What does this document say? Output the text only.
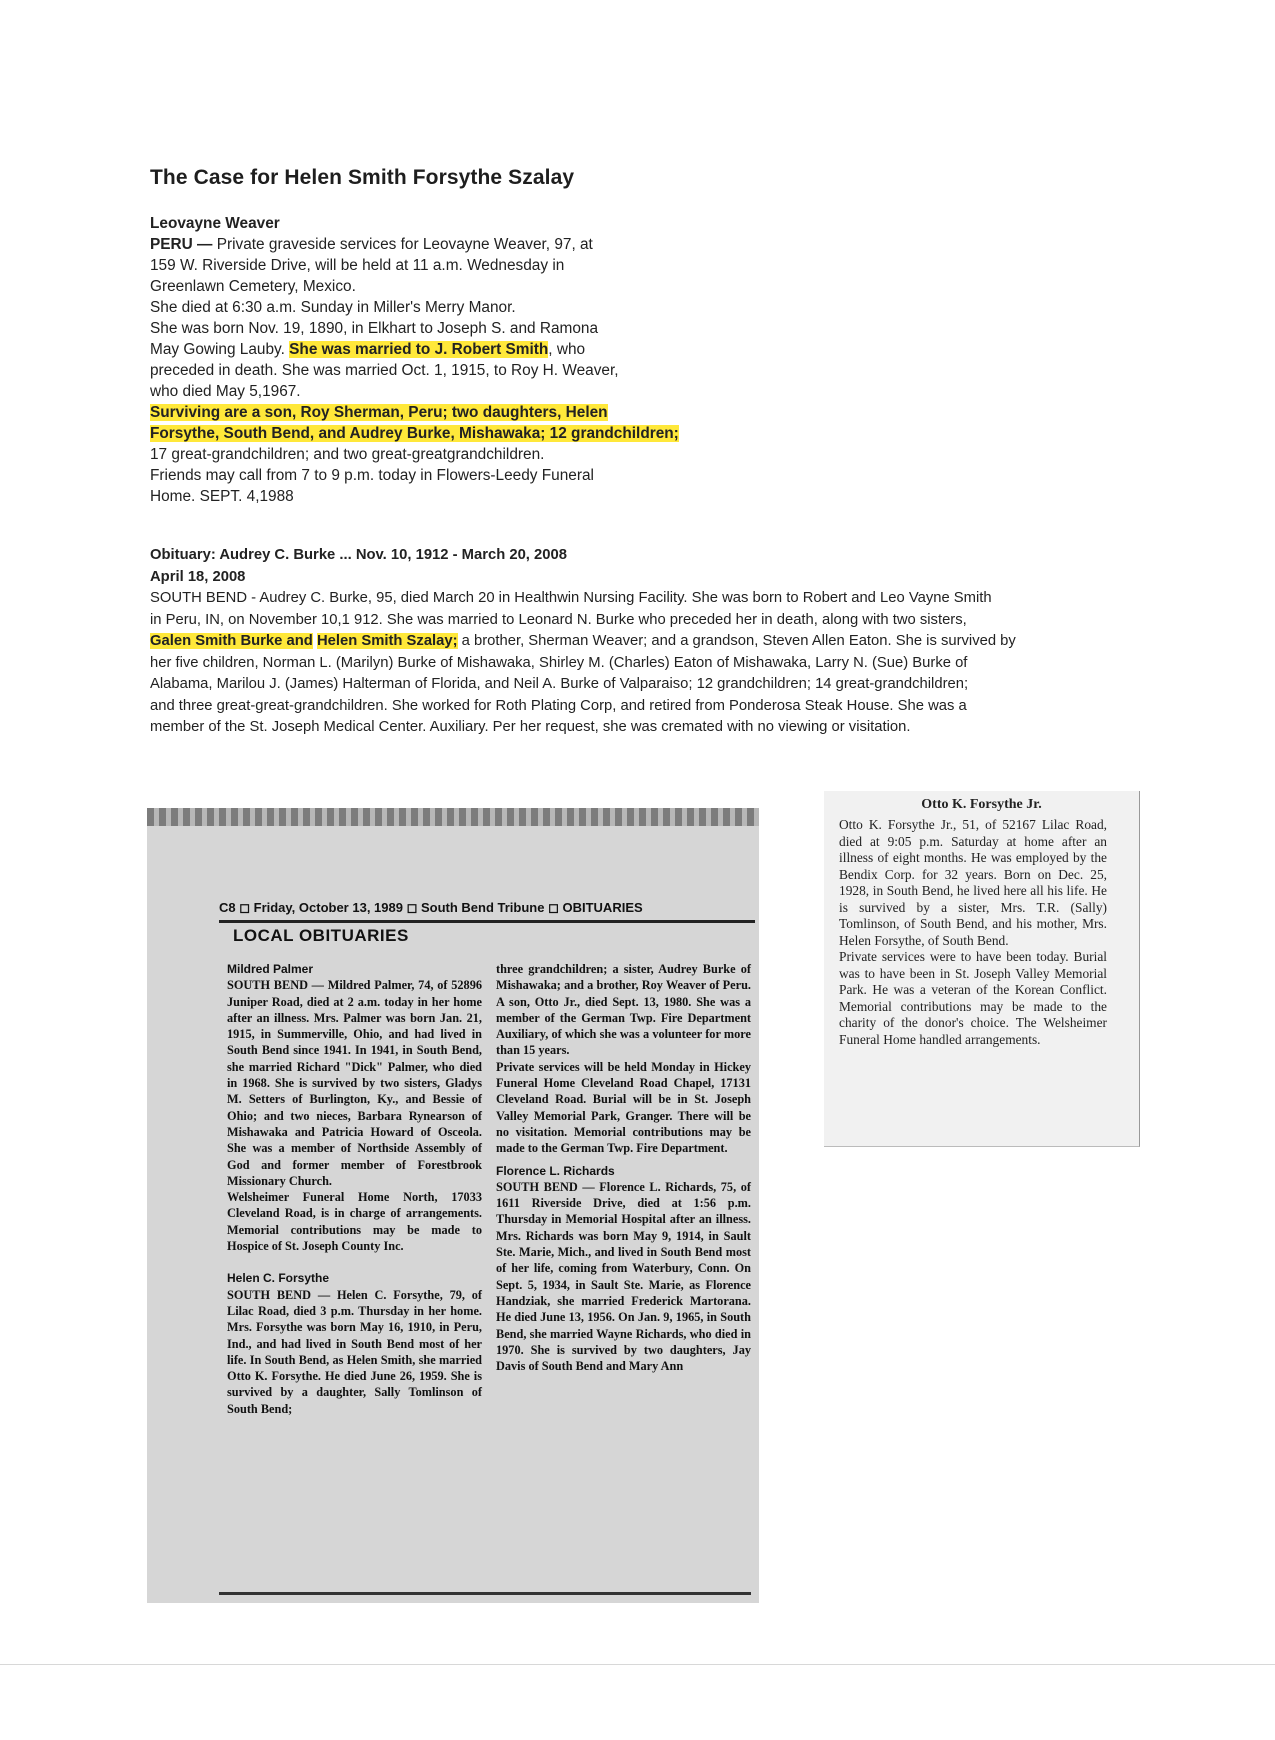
The Case for Helen Smith Forsythe Szalay

Leovayne Weaver

PERU — Private graveside services for Leovayne Weaver, 97, at

159 W. Riverside Drive, will be held at 11 a.m. Wednesday in

Greenlawn Cemetery, Mexico.

She died at 6:30 a.m. Sunday in Miller's Merry Manor.

She was born Nov. 19, 1890, in Elkhart to Joseph S. and Ramona

May Gowing Lauby. She was married to J. Robert Smith, who

preceded in death. She was married Oct. 1, 1915, to Roy H. Weaver,

who died May 5,1967.

Surviving are a son, Roy Sherman, Peru; two daughters, Helen

Forsythe, South Bend, and Audrey Burke, Mishawaka; 12 grandchildren;

17 great-grandchildren; and two great-greatgrandchildren.

Friends may call from 7 to 9 p.m. today in Flowers-Leedy Funeral

Home. SEPT. 4,1988

Obituary: Audrey C. Burke ... Nov. 10, 1912 - March 20, 2008

April 18, 2008

SOUTH BEND - Audrey C. Burke, 95, died March 20 in Healthwin Nursing Facility. She was born to Robert and Leo Vayne Smith

in Peru, IN, on November 10,1 912. She was married to Leonard N. Burke who preceded her in death, along with two sisters,

Galen Smith Burke and Helen Smith Szalay; a brother, Sherman Weaver; and a grandson, Steven Allen Eaton. She is survived by

her five children, Norman L. (Marilyn) Burke of Mishawaka, Shirley M. (Charles) Eaton of Mishawaka, Larry N. (Sue) Burke of

Alabama, Marilou J. (James) Halterman of Florida, and Neil A. Burke of Valparaiso; 12 grandchildren; 14 great-grandchildren;

and three great-great-grandchildren. She worked for Roth Plating Corp, and retired from Ponderosa Steak House. She was a

member of the St. Joseph Medical Center. Auxiliary. Per her request, she was cremated with no viewing or visitation.

C8 ◻ Friday, October 13, 1989 ◻ South Bend Tribune ◻ OBITUARIES
LOCAL OBITUARIES

Mildred Palmer

SOUTH BEND — Mildred Palmer, 74, of 52896 Juniper Road, died at 2 a.m. today in her home after an illness. Mrs. Palmer was born Jan. 21, 1915, in Summerville, Ohio, and had lived in South Bend since 1941. In 1941, in South Bend, she married Richard "Dick" Palmer, who died in 1968. She is survived by two sisters, Gladys M. Setters of Burlington, Ky., and Bessie of Ohio; and two nieces, Barbara Rynearson of Mishawaka and Patricia Howard of Osceola. She was a member of Northside Assembly of God and former member of Forestbrook Missionary Church.

Welsheimer Funeral Home North, 17033 Cleveland Road, is in charge of arrangements. Memorial contributions may be made to Hospice of St. Joseph County Inc.

Helen C. Forsythe

SOUTH BEND — Helen C. Forsythe, 79, of Lilac Road, died 3 p.m. Thursday in her home. Mrs. Forsythe was born May 16, 1910, in Peru, Ind., and had lived in South Bend most of her life. In South Bend, as Helen Smith, she married Otto K. Forsythe. He died June 26, 1959. She is survived by a daughter, Sally Tomlinson of South Bend;

three grandchildren; a sister, Audrey Burke of Mishawaka; and a brother, Roy Weaver of Peru. A son, Otto Jr., died Sept. 13, 1980. She was a member of the German Twp. Fire Department Auxiliary, of which she was a volunteer for more than 15 years.

Private services will be held Monday in Hickey Funeral Home Cleveland Road Chapel, 17131 Cleveland Road. Burial will be in St. Joseph Valley Memorial Park, Granger. There will be no visitation. Memorial contributions may be made to the German Twp. Fire Department.

Florence L. Richards

SOUTH BEND — Florence L. Richards, 75, of 1611 Riverside Drive, died at 1:56 p.m. Thursday in Memorial Hospital after an illness. Mrs. Richards was born May 9, 1914, in Sault Ste. Marie, Mich., and lived in South Bend most of her life, coming from Waterbury, Conn. On Sept. 5, 1934, in Sault Ste. Marie, as Florence Handziak, she married Frederick Martorana. He died June 13, 1956. On Jan. 9, 1965, in South Bend, she married Wayne Richards, who died in 1970. She is survived by two daughters, Jay Davis of South Bend and Mary Ann

Otto K. Forsythe Jr.

Otto K. Forsythe Jr., 51, of 52167 Lilac Road, died at 9:05 p.m. Saturday at home after an illness of eight months. He was employed by the Bendix Corp. for 32 years. Born on Dec. 25, 1928, in South Bend, he lived here all his life. He is survived by a sister, Mrs. T.R. (Sally) Tomlinson, of South Bend, and his mother, Mrs. Helen Forsythe, of South Bend.

Private services were to have been today. Burial was to have been in St. Joseph Valley Memorial Park. He was a veteran of the Korean Conflict. Memorial contributions may be made to the charity of the donor's choice. The Welsheimer Funeral Home handled arrangements.
